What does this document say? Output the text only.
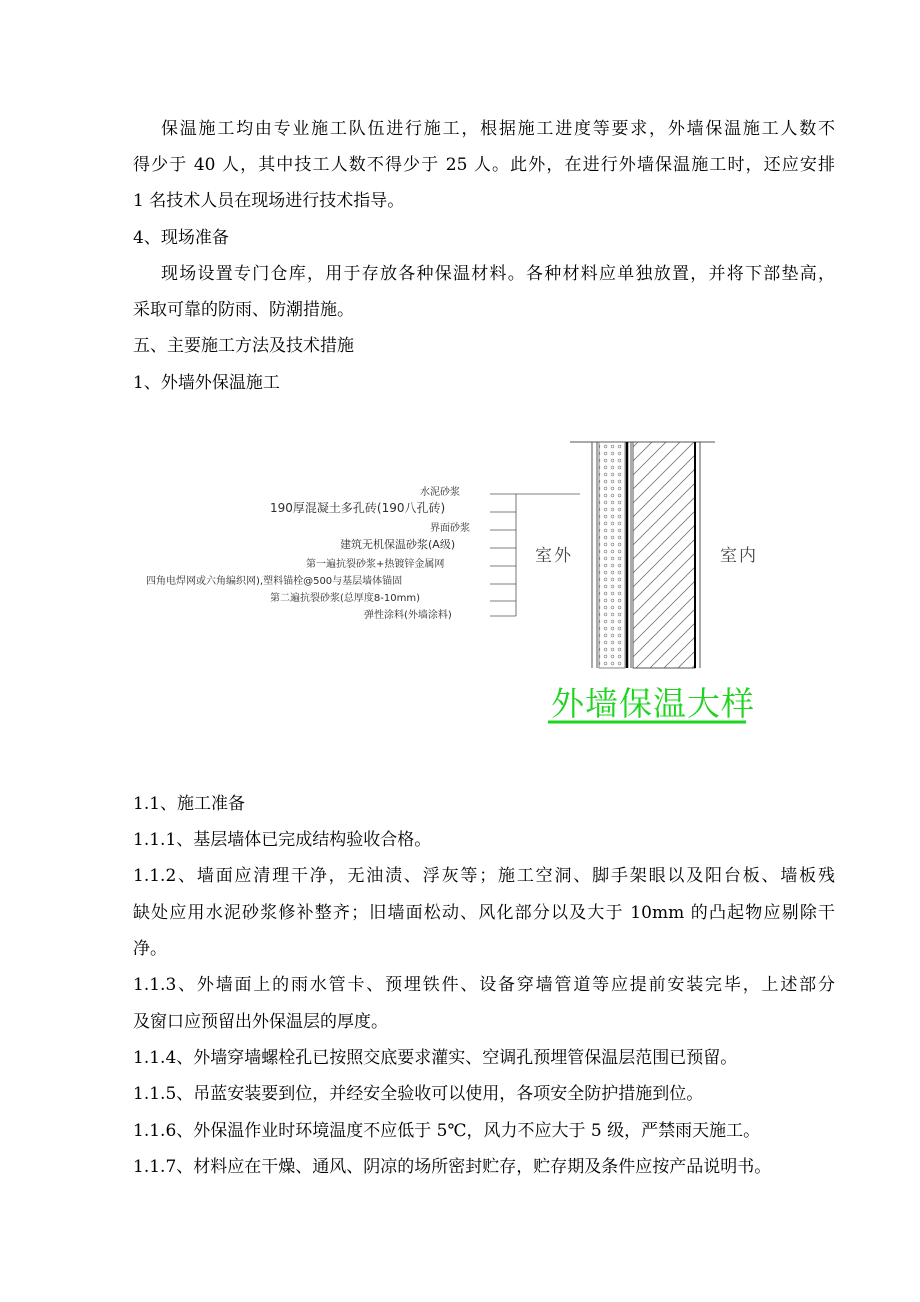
保温施工均由专业施工队伍进行施工，根据施工进度等要求，外墙保温施工人数不
得少于 40 人，其中技工人数不得少于 25 人。此外，在进行外墙保温施工时，还应安排
1 名技术人员在现场进行技术指导。
4、现场准备
现场设置专门仓库，用于存放各种保温材料。各种材料应单独放置，并将下部垫高，
采取可靠的防雨、防潮措施。
五、主要施工方法及技术措施
1、外墙外保温施工
水泥砂浆
190厚混凝土多孔砖(190八孔砖)
界面砂浆
建筑无机保温砂浆(A级)
第一遍抗裂砂浆+热镀锌金属网
四角电焊网或六角编织网),塑料锚栓@500与基层墙体锚固
第二遍抗裂砂浆(总厚度8-10mm)
弹性涂料(外墙涂料)
室外	室内
外墙保温大样
1.1、施工准备
1.1.1、基层墙体已完成结构验收合格。
1.1.2、墙面应清理干净，无油渍、浮灰等；施工空洞、脚手架眼以及阳台板、墙板残
缺处应用水泥砂浆修补整齐；旧墙面松动、风化部分以及大于 10mm 的凸起物应剔除干
净。
1.1.3、外墙面上的雨水管卡、预埋铁件、设备穿墙管道等应提前安装完毕，上述部分
及窗口应预留出外保温层的厚度。
1.1.4、外墙穿墙螺栓孔已按照交底要求灌实、空调孔预埋管保温层范围已预留。
1.1.5、吊蓝安装要到位，并经安全验收可以使用，各项安全防护措施到位。
1.1.6、外保温作业时环境温度不应低于 5℃，风力不应大于 5 级，严禁雨天施工。
1.1.7、材料应在干燥、通风、阴凉的场所密封贮存，贮存期及条件应按产品说明书。
